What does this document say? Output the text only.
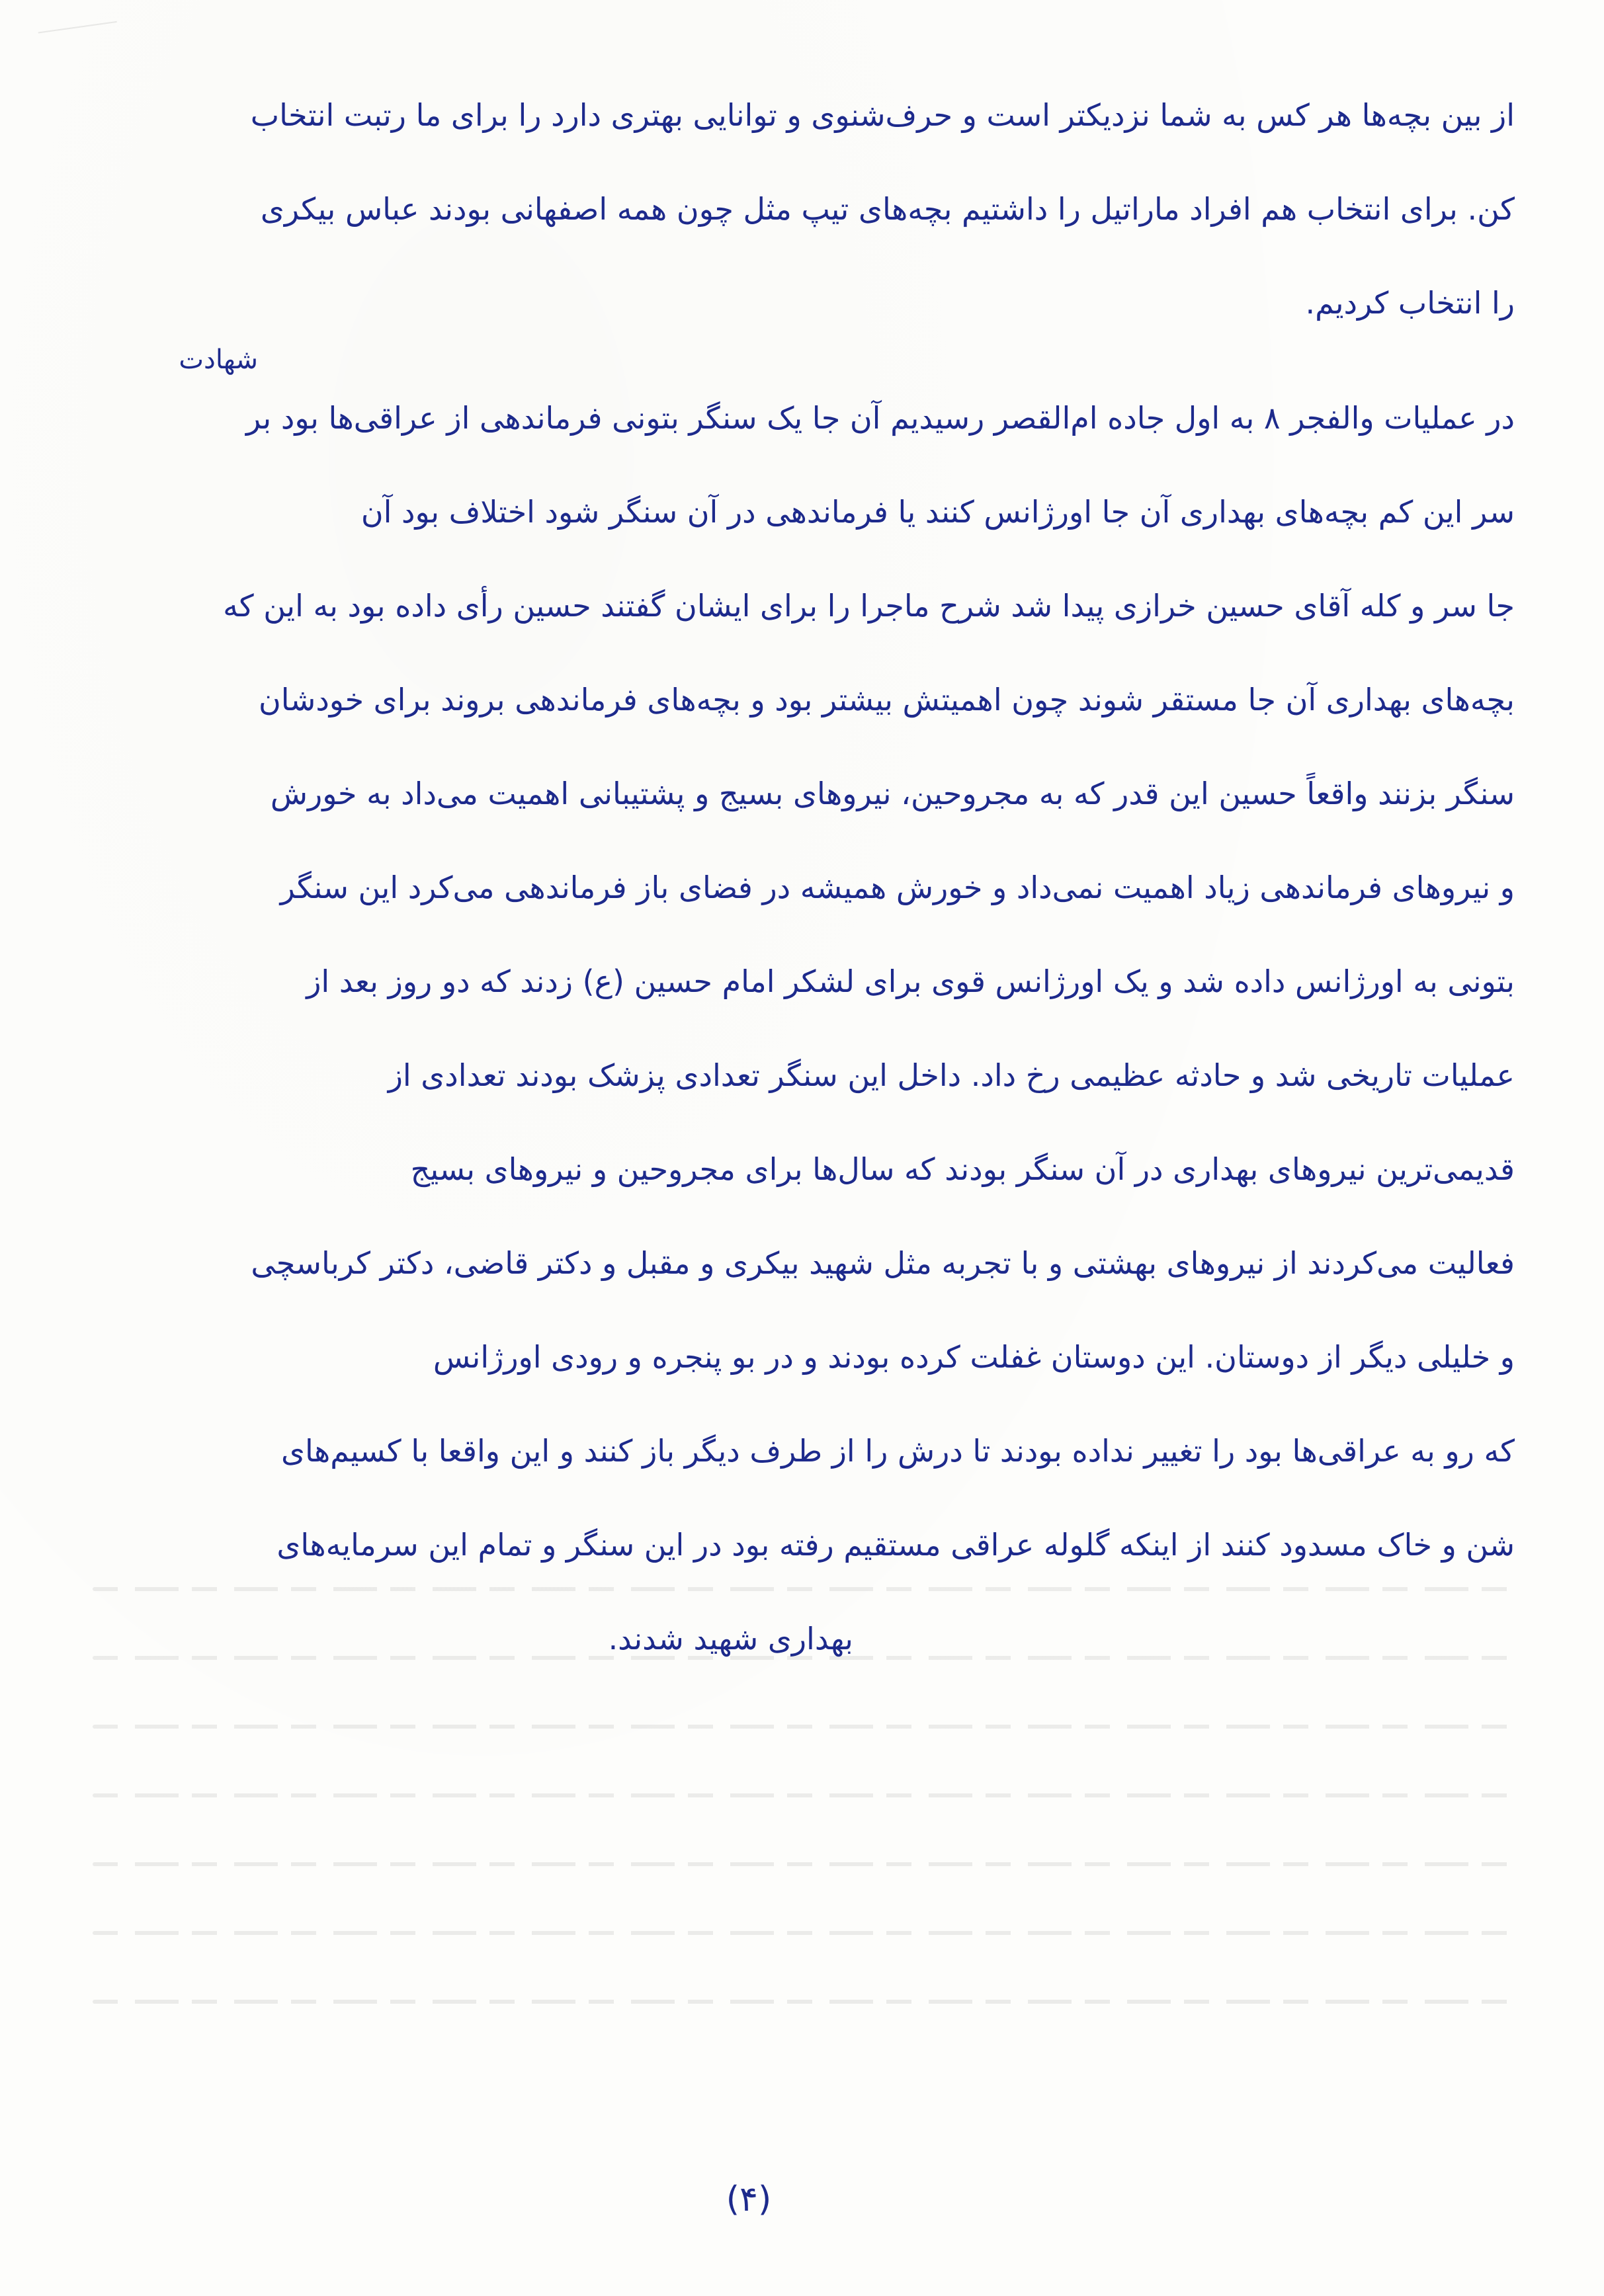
از بین بچه‌ها هر کس به شما نزدیکتر است و حرف‌شنوی و توانایی بهتری دارد را برای ما رتبت انتخاب
کن. برای انتخاب هم افراد ماراتیل را داشتیم بچه‌های تیپ مثل چون همه اصفهانی بودند عباس بیکری
را انتخاب کردیم.
شهادت
در عملیات والفجر ۸ به اول جاده ام‌القصر رسیدیم آن جا یک سنگر بتونی فرماندهی از عراقی‌ها بود بر
سر این کم بچه‌های بهداری آن جا اورژانس کنند یا فرماندهی در آن سنگر شود اختلاف بود آن
جا سر و کله آقای حسین خرازی پیدا شد شرح ماجرا را برای ایشان گفتند حسین رأی داده بود به این که
بچه‌های بهداری آن جا مستقر شوند چون اهمیتش بیشتر بود و بچه‌های فرماندهی بروند برای خودشان
سنگر بزنند واقعاً حسین این قدر که به مجروحین، نیروهای بسیج و پشتیبانی اهمیت می‌داد به خورش
و نیروهای فرماندهی زیاد اهمیت نمی‌داد و خورش همیشه در فضای باز فرماندهی می‌کرد این سنگر
بتونی به اورژانس داده شد و یک اورژانس قوی برای لشکر امام حسین (ع) زدند که دو روز بعد از
عملیات تاریخی شد و حادثه عظیمی رخ داد. داخل این سنگر تعدادی پزشک بودند تعدادی از
قدیمی‌ترین نیروهای بهداری در آن سنگر بودند که سال‌ها برای مجروحین و نیروهای بسیج
فعالیت می‌کردند از نیروهای بهشتی و با تجربه مثل شهید بیکری و مقبل و دکتر قاضی، دکتر کرباسچی
و خلیلی دیگر از دوستان. این دوستان غفلت کرده بودند و در بو پنجره و رودی اورژانس
که رو به عراقی‌ها بود را تغییر نداده بودند تا درش را از طرف دیگر باز کنند و این واقعا با کسیم‌های
شن و خاک مسدود کنند از اینکه گلوله عراقی مستقیم رفته بود در این سنگر و تمام این سرمایه‌های
بهداری شهید شدند.
(۴)
